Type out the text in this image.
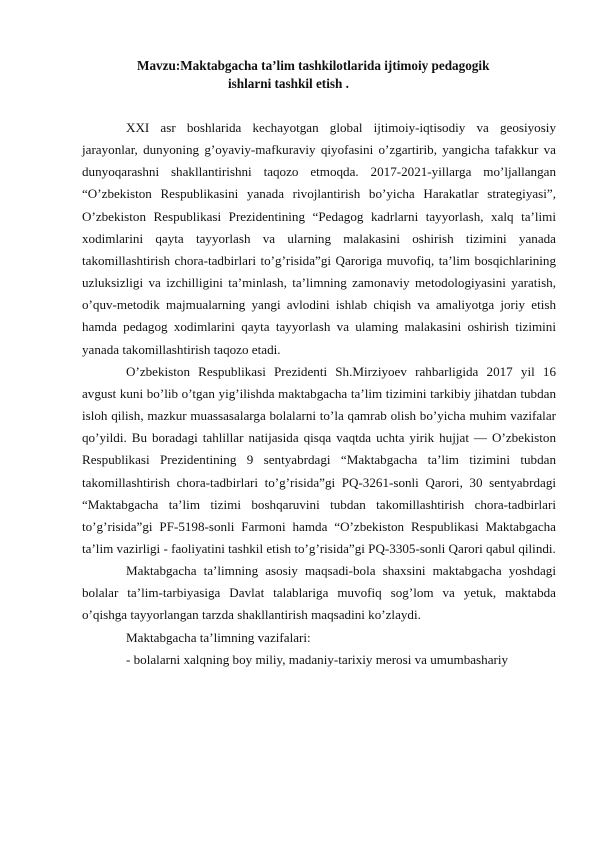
Mavzu:Maktabgacha ta’lim tashkilotlarida ijtimoiy pedagogik
ishlarni tashkil etish .

XXI asr boshlarida kechayotgan global ijtimoiy-iqtisodiy va geosiyosiy jarayonlar, dunyoning g’oyaviy-mafkuraviy qiyofasini o’zgartirib, yangicha tafakkur va dunyoqarashni shakllantirishni taqozo etmoqda. 2017-2021-yillarga mo’ljallangan “O’zbekiston Respublikasini yanada rivojlantirish bo’yicha Harakatlar strategiyasi”, O’zbekiston Respublikasi Prezidentining “Pedagog kadrlarni tayyorlash, xalq ta’limi xodimlarini qayta tayyorlash va ularning malakasini oshirish tizimini yanada takomillashtirish chora-tadbirlari to’g’risida”gi Qaroriga muvofiq, ta’lim bosqichlarining uzluksizligi va izchilligini ta’minlash, ta’limning zamonaviy metodologiyasini yaratish, o’quv-metodik majmualarning yangi avlodini ishlab chiqish va amaliyotga joriy etish hamda pedagog xodimlarini qayta tayyorlash va ulaming malakasini oshirish tizimini yanada takomillashtirish taqozo etadi.

O’zbekiston Respublikasi Prezidenti Sh.Mirziyoev rahbarligida 2017 yil 16 avgust kuni bo’lib o’tgan yig’ilishda maktabgacha ta’lim tizimini tarkibiy jihatdan tubdan isloh qilish, mazkur muassasalarga bolalarni to’la qamrab olish bo’yicha muhim vazifalar qo’yildi. Bu boradagi tahlillar natijasida qisqa vaqtda uchta yirik hujjat — O’zbekiston Respublikasi Prezidentining 9 sentyabrdagi “Maktabgacha ta’lim tizimini tubdan takomillashtirish chora-tadbirlari to’g’risida”gi PQ-3261-sonli Qarori, 30 sentyabrdagi “Maktabgacha ta’lim tizimi boshqaruvini tubdan takomillashtirish chora-tadbirlari to’g’risida”gi PF-5198-sonli Farmoni hamda “O’zbekiston Respublikasi Maktabgacha ta’lim vazirligi - faoliyatini tashkil etish to’g’risida”gi PQ-3305-sonli Qarori qabul qilindi.

Maktabgacha ta’limning asosiy maqsadi-bola shaxsini maktabgacha yoshdagi bolalar ta’lim-tarbiyasiga Davlat talablariga muvofiq sog’lom va yetuk, maktabda o’qishga tayyorlangan tarzda shakllantirish maqsadini ko’zlaydi.

Maktabgacha ta’limning vazifalari:

- bolalarni xalqning boy miliy, madaniy-tarixiy merosi va umumbashariy
